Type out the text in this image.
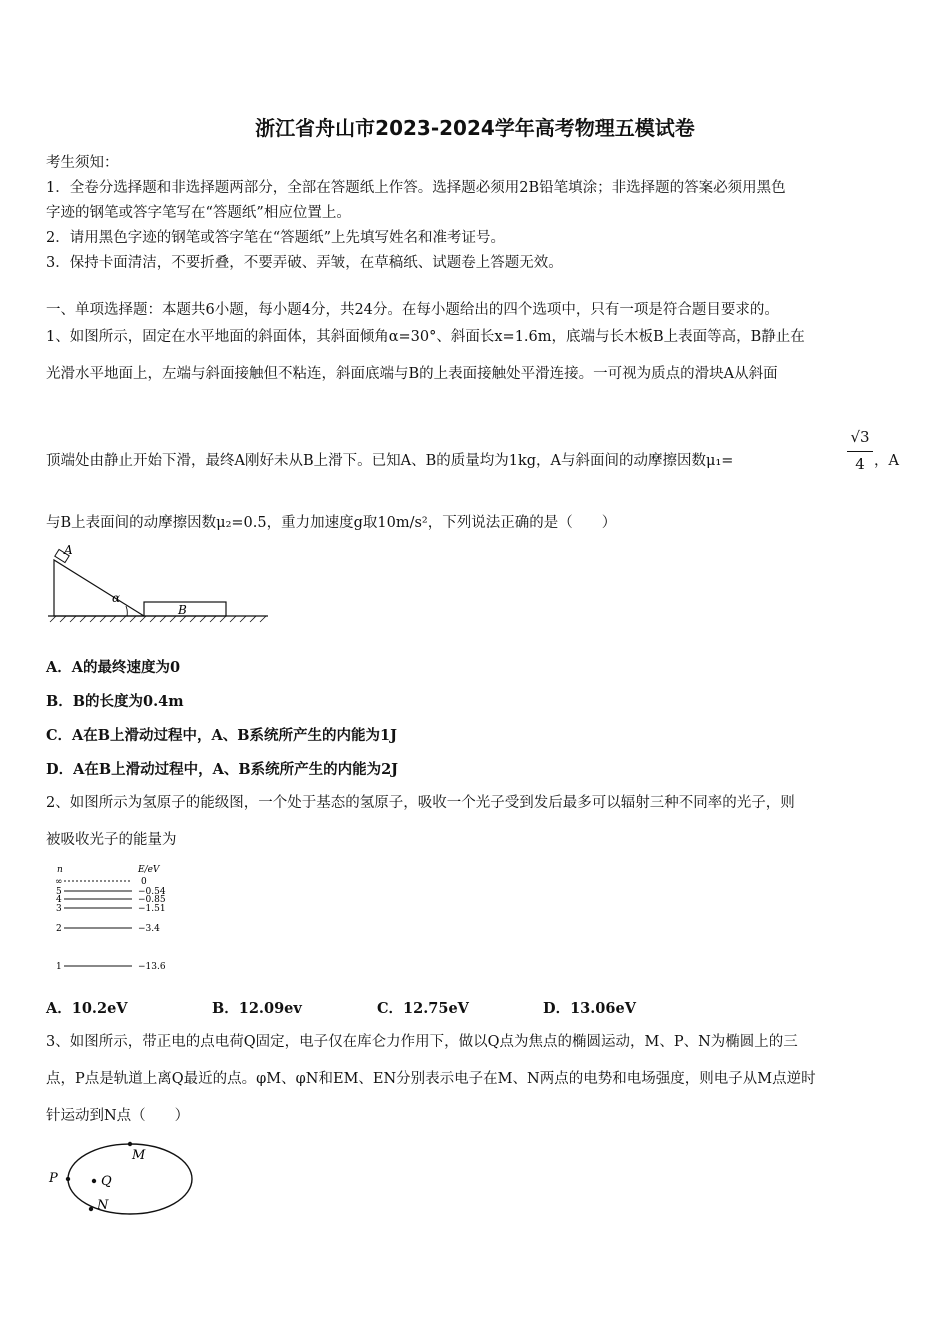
浙江省舟山市2023-2024学年高考物理五模试卷
考生须知：
1．全卷分选择题和非选择题两部分，全部在答题纸上作答。选择题必须用2B铅笔填涂；非选择题的答案必须用黑色
字迹的钢笔或答字笔写在“答题纸”相应位置上。
2．请用黑色字迹的钢笔或答字笔在“答题纸”上先填写姓名和准考证号。
3．保持卡面清洁，不要折叠，不要弄破、弄皱，在草稿纸、试题卷上答题无效。
一、单项选择题：本题共6小题，每小题4分，共24分。在每小题给出的四个选项中，只有一项是符合题目要求的。
1、如图所示，固定在水平地面的斜面体，其斜面倾角α=30°、斜面长x=1.6m，底端与长木板B上表面等高，B静止在
光滑水平地面上，左端与斜面接触但不粘连，斜面底端与B的上表面接触处平滑连接。一可视为质点的滑块A从斜面
顶端处由静止开始下滑，最终A刚好未从B上滑下。已知A、B的质量均为1kg，A与斜面间的动摩擦因数μ₁=
√3
4 ，A
与B上表面间的动摩擦因数μ₂=0.5，重力加速度g取10m/s²，下列说法正确的是（　　）
A
α
B
A．A的最终速度为0
B．B的长度为0.4m
C．A在B上滑动过程中，A、B系统所产生的内能为1J
D．A在B上滑动过程中，A、B系统所产生的内能为2J
2、如图所示为氢原子的能级图，一个处于基态的氢原子，吸收一个光子受到发后最多可以辐射三种不同率的光子，则
被吸收光子的能量为
n	E/eV
∞	0
5	−0.54
4	−0.85
3	−1.51
2	−3.4
1	−13.6
A．10.2eV	B．12.09ev	C．12.75eV	D．13.06eV
3、如图所示，带正电的点电荷Q固定，电子仅在库仑力作用下，做以Q点为焦点的椭圆运动，M、P、N为椭圆上的三
点，P点是轨道上离Q最近的点。φM、φN和EM、EN分别表示电子在M、N两点的电势和电场强度，则电子从M点逆时
针运动到N点（　　）
P	Q
M
N
